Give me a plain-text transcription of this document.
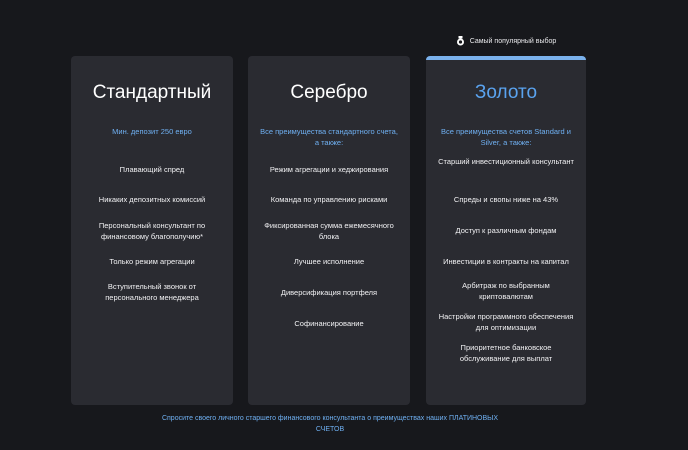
Самый популярный выбор
Стандартный
Мин. депозит 250 евро
Плавающий спред
Никаких депозитных комиссий
Персональный консультант по финансовому благополучию*
Только режим агрегации
Вступительный звонок от персонального менеджера
Серебро
Все преимущества стандартного счета, а также:
Режим агрегации и хеджирования
Команда по управлению рисками
Фиксированная сумма ежемесячного блока
Лучшее исполнение
Диверсификация портфеля
Софинансирование
Золото
Все преимущества счетов Standard и Silver, а также:
Старший инвестиционный консультант
Спреды и свопы ниже на 43%
Доступ к различным фондам
Инвестиции в контракты на капитал
Арбитраж по выбранным криптовалютам
Настройки программного обеспечения для оптимизации
Приоритетное банковское обслуживание для выплат
Спросите своего личного старшего финансового консультанта о преимуществах наших ПЛАТИНОВЫХ СЧЕТОВ
